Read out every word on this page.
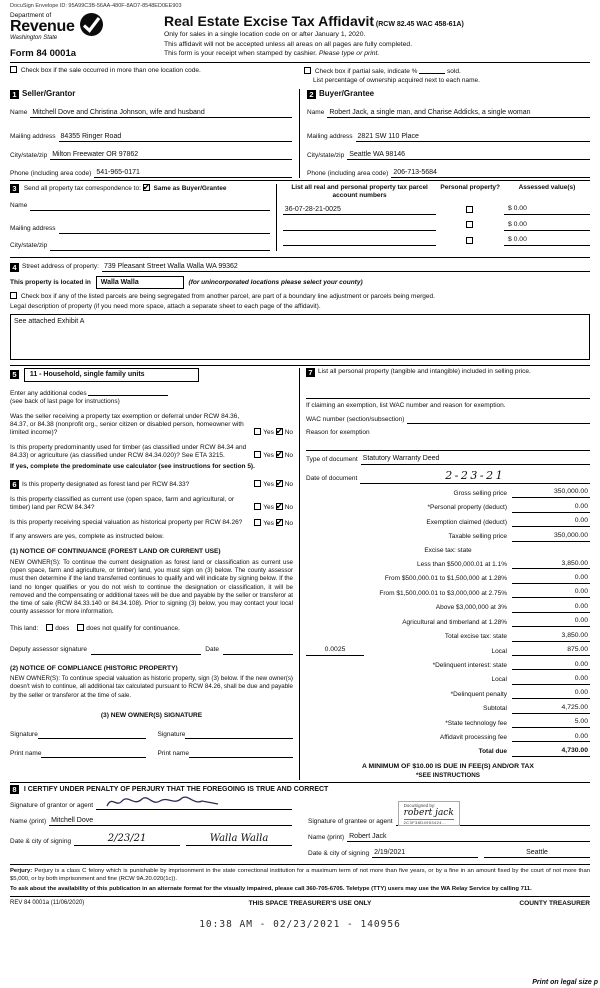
DocuSign Envelope ID: 95A99C3B-56AA-480F-8AD7-8548ED0EE903
Department of
Revenue
Washington State
Form 84 0001a
Real Estate Excise Tax Affidavit (RCW 82.45 WAC 458-61A)
Only for sales in a single location code on or after January 1, 2020.
This affidavit will not be accepted unless all areas on all pages are fully completed.
This form is your receipt when stamped by cashier. Please type or print.
Check box if the sale occurred in more than one location code.	Check box if partial sale, indicate %	sold.
List percentage of ownership acquired next to each name.
1 Seller/Grantor
Name Mitchell Dove and Christina Johnson, wife and husband
Mailing address 84355 Ringer Road
City/state/zip Milton Freewater OR 97862
Phone (including area code) 541-965-0171
2 Buyer/Grantee
Name Robert Jack, a single man, and Charise Addicks, a single woman
Mailing address 2821 SW 110 Place
City/state/zip Seattle WA 98146
Phone (including area code) 206-713-5684
3 Send all property tax correspondence to: ✔ Same as Buyer/Grantee
Name
Mailing address
City/state/zip
List all real and personal property tax parcel account numbers
Personal property?	Assessed value(s)
36-07-28-21-0025	$ 0.00
$ 0.00
$ 0.00
4 Street address of property: 739 Pleasant Street Walla Walla WA 99362
This property is located in Walla Walla	(for unincorporated locations please select your county)
Check box if any of the listed parcels are being segregated from another parcel, are part of a boundary line adjustment or parcels being merged.
Legal description of property (if you need more space, attach a separate sheet to each page of the affidavit).
See attached Exhibit A
5 11 - Household, single family units
Enter any additional codes
(see back of last page for instructions)
Was the seller receiving a property tax exemption or deferral under RCW 84.36, 84.37, or 84.38 (nonprofit org., senior citizen or disabled person, homeowner with limited income)?	Yes ✔ No
Is this property predominantly used for timber (as classified under RCW 84.34 and 84.33) or agriculture (as classified under RCW 84.34.020)? See ETA 3215.	Yes ✔ No
If yes, complete the predominate use calculator (see instructions for section 5).
6 Is this property designated as forest land per RCW 84.33?	Yes ✔ No
Is this property classified as current use (open space, farm and agricultural, or timber) land per RCW 84.34?	Yes ✔ No
Is this property receiving special valuation as historical property per RCW 84.26?	Yes ✔ No
If any answers are yes, complete as instructed below.
(1) NOTICE OF CONTINUANCE (FOREST LAND OR CURRENT USE)
NEW OWNER(S): To continue the current designation as forest land or classification as current use (open space, farm and agriculture, or timber) land, you must sign on (3) below. The county assessor must then determine if the land transferred continues to qualify and will indicate by signing below. If the land no longer qualifies or you do not wish to continue the designation or classification, it will be removed and the compensating or additional taxes will be due and payable by the seller or transferor at the time of sale (RCW 84.33.140 or 84.34.108). Prior to signing (3) below, you may contact your local county assessor for more information.
This land:	does	does not qualify for continuance.
Deputy assessor signature	Date
(2) NOTICE OF COMPLIANCE (HISTORIC PROPERTY)
NEW OWNER(S): To continue special valuation as historic property, sign (3) below. If the new owner(s) doesn't wish to continue, all additional tax calculated pursuant to RCW 84.26, shall be due and payable by the seller or transferor at the time of sale.
(3) NEW OWNER(S) SIGNATURE
Signature	Signature
Print name	Print name
7 List all personal property (tangible and intangible) included in selling price.
If claiming an exemption, list WAC number and reason for exemption.
WAC number (section/subsection)
Reason for exemption
Type of document Statutory Warranty Deed
Date of document	2-23-21
Gross selling price	350,000.00
*Personal property (deduct)	0.00
Exemption claimed (deduct)	0.00
Taxable selling price	350,000.00
Excise tax: state
Less than $500,000.01 at 1.1%	3,850.00
From $500,000.01 to $1,500,000 at 1.28%	0.00
From $1,500,000.01 to $3,000,000 at 2.75%	0.00
Above $3,000,000 at 3%	0.00
Agricultural and timberland at 1.28%	0.00
Total excise tax: state	3,850.00
0.0025	Local	875.00
*Delinquent interest: state	0.00
Local	0.00
*Delinquent penalty	0.00
Subtotal	4,725.00
*State technology fee	5.00
Affidavit processing fee	0.00
Total due	4,730.00
A MINIMUM OF $10.00 IS DUE IN FEE(S) AND/OR TAX
*SEE INSTRUCTIONS
8 I CERTIFY UNDER PENALTY OF PERJURY THAT THE FOREGOING IS TRUE AND CORRECT
Signature of grantor or agent
Name (print) Mitchell Dove
Date & city of signing	2/23/21	Walla Walla
Signature of grantee or agent
DocuSigned by:
robert jack
2C3F38D4953424...
Name (print) Robert Jack
Date & city of signing 2/19/2021	Seattle
Perjury: Perjury is a class C felony which is punishable by imprisonment in the state correctional institution for a maximum term of not more than five years, or by a fine in an amount fixed by the court of not more than $5,000, or by both imprisonment and fine (RCW 9A.20.020(1c)).
To ask about the availability of this publication in an alternate format for the visually impaired, please call 360-705-6705. Teletype (TTY) users may use the WA Relay Service by calling 711.
REV 84 0001a (11/06/2020)	THIS SPACE TREASURER'S USE ONLY	COUNTY TREASURER
10:38 AM - 02/23/2021 - 140956
Print on legal size p
